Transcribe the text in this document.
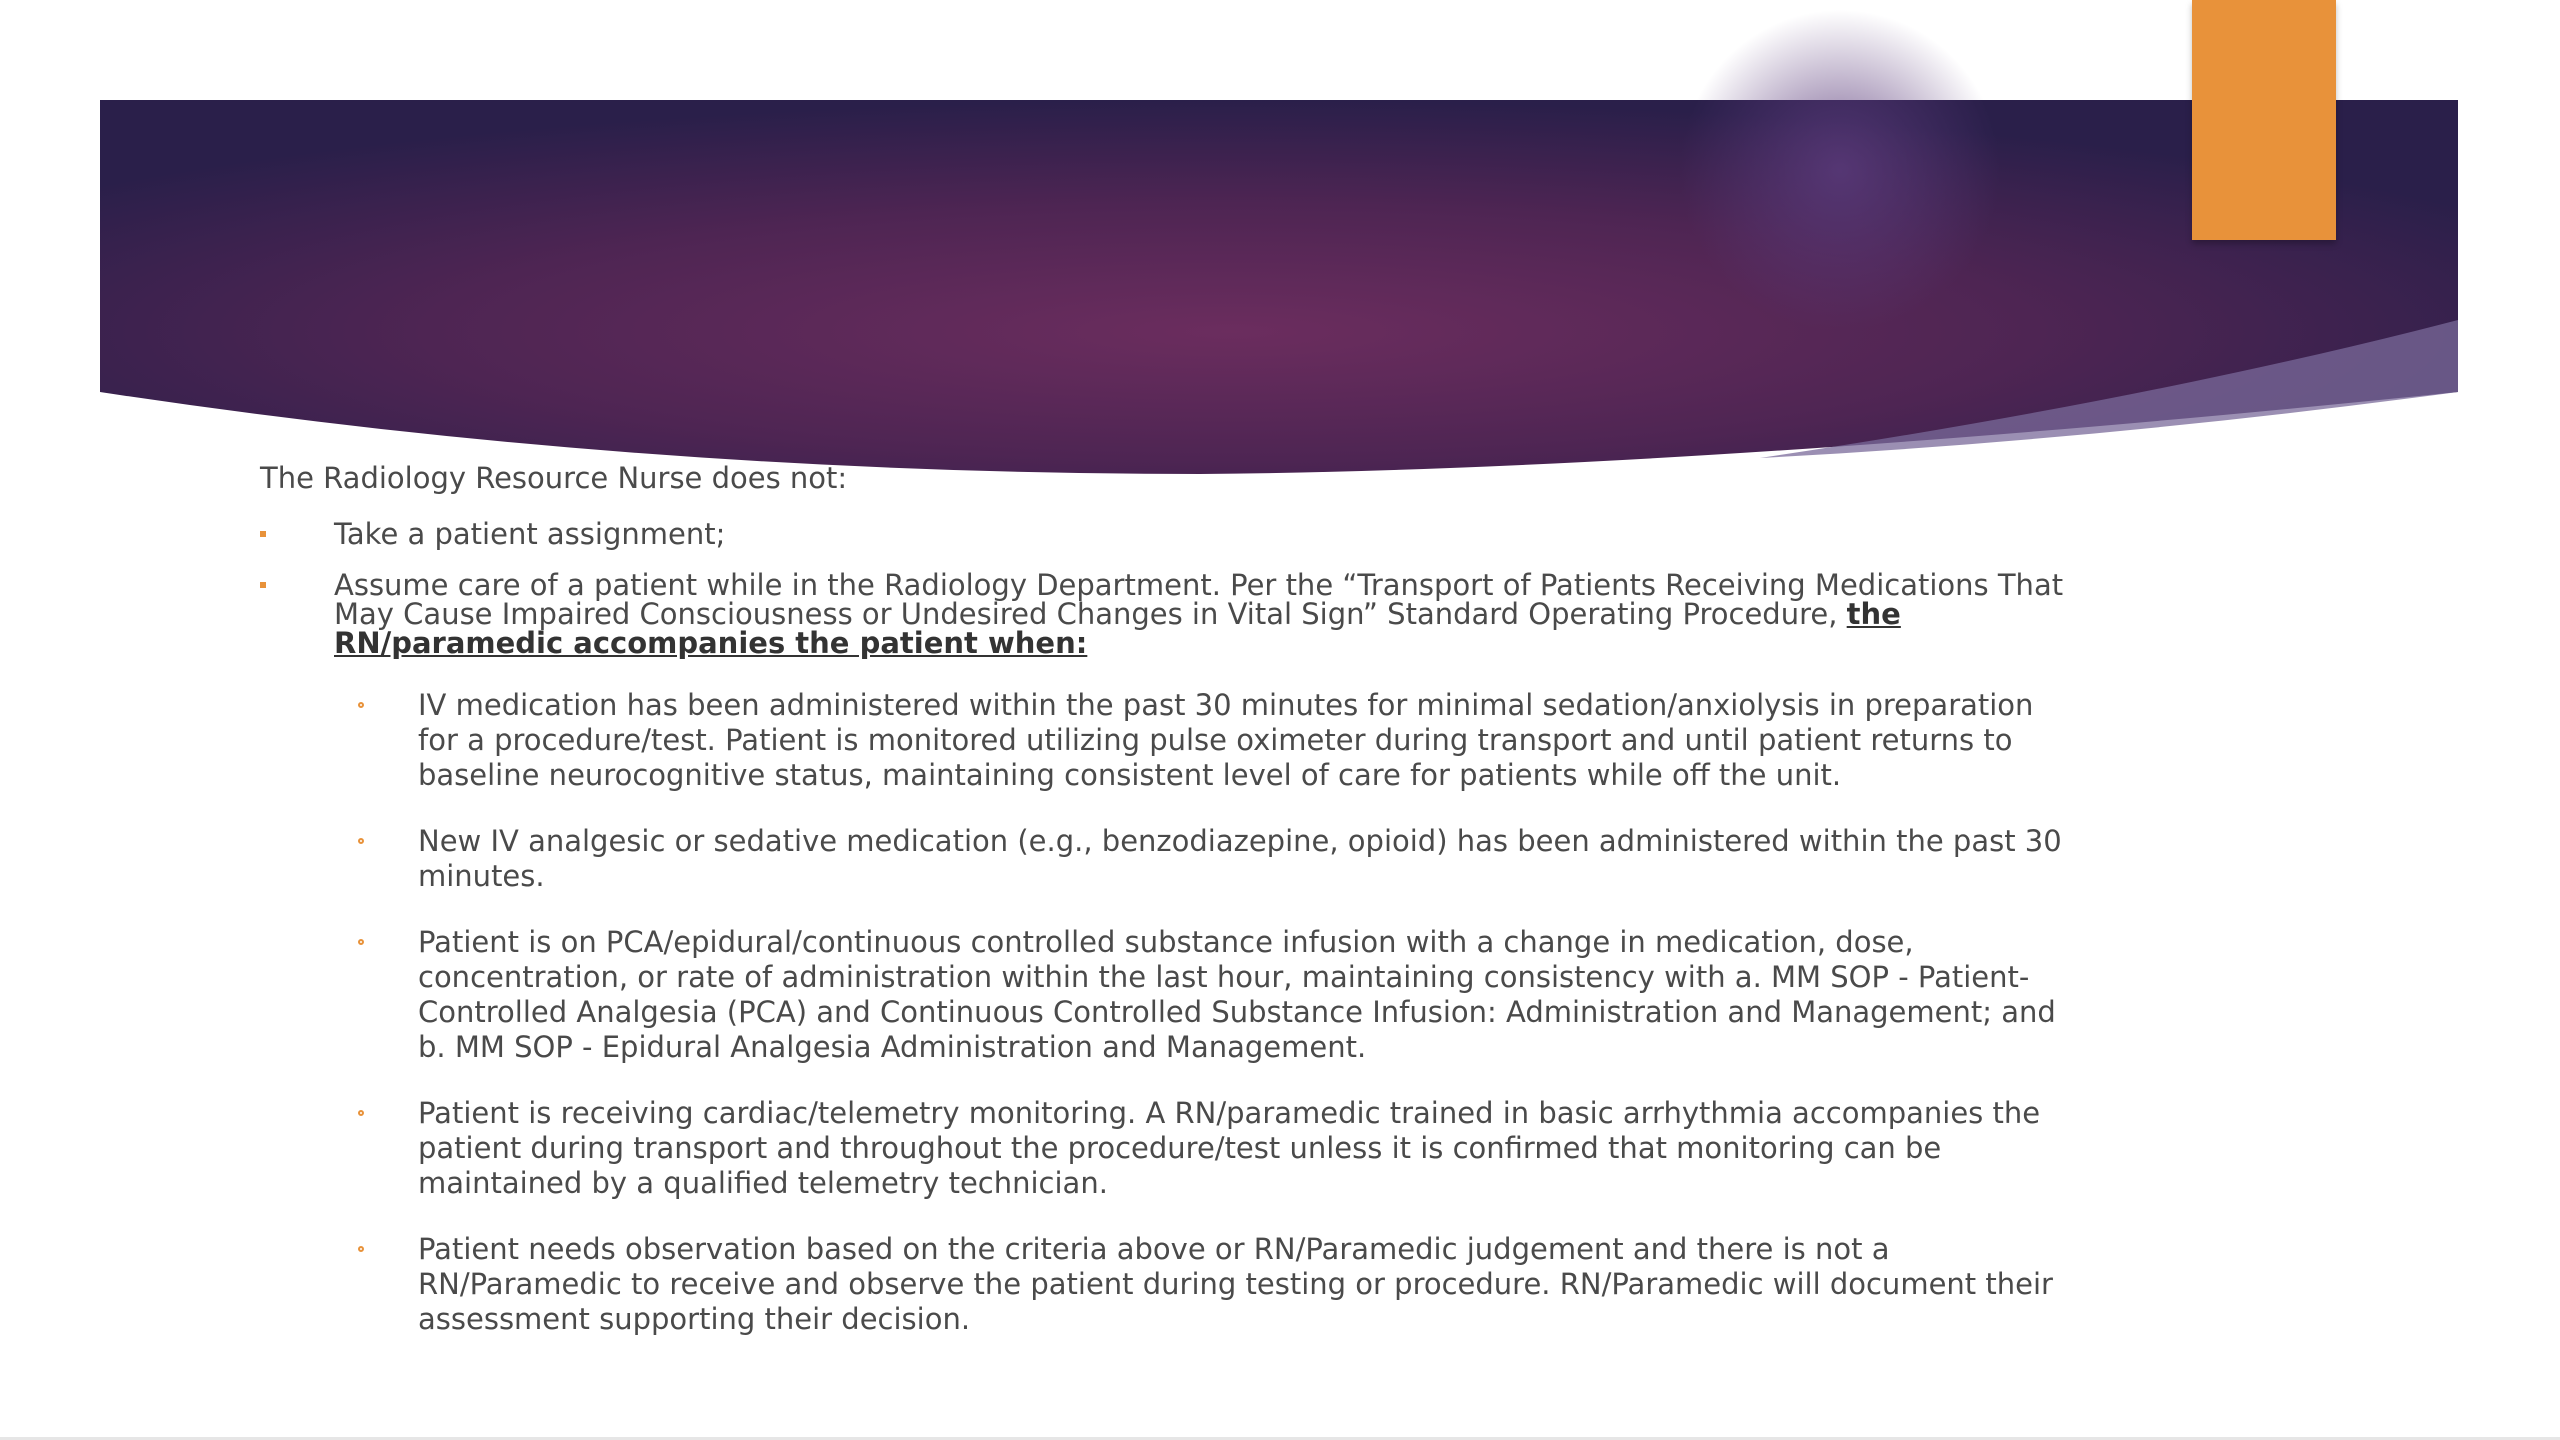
The Radiology Resource Nurse does not:
Take a patient assignment;
Assume care of a patient while in the Radiology Department. Per the “Transport of Patients Receiving Medications That May Cause Impaired Consciousness or Undesired Changes in Vital Sign” Standard Operating Procedure, the RN/paramedic accompanies the patient when:
IV medication has been administered within the past 30 minutes for minimal sedation/anxiolysis in preparation for a procedure/test. Patient is monitored utilizing pulse oximeter during transport and until patient returns to baseline neurocognitive status, maintaining consistent level of care for patients while off the unit.
New IV analgesic or sedative medication (e.g., benzodiazepine, opioid) has been administered within the past 30 minutes.
Patient is on PCA/epidural/continuous controlled substance infusion with a change in medication, dose, concentration, or rate of administration within the last hour, maintaining consistency with a. MM SOP - Patient-Controlled Analgesia (PCA) and Continuous Controlled Substance Infusion: Administration and Management; and b. MM SOP - Epidural Analgesia Administration and Management.
Patient is receiving cardiac/telemetry monitoring. A RN/paramedic trained in basic arrhythmia accompanies the patient during transport and throughout the procedure/test unless it is confirmed that monitoring can be maintained by a qualified telemetry technician.
Patient needs observation based on the criteria above or RN/Paramedic judgement and there is not a RN/Paramedic to receive and observe the patient during testing or procedure. RN/Paramedic will document their assessment supporting their decision.
